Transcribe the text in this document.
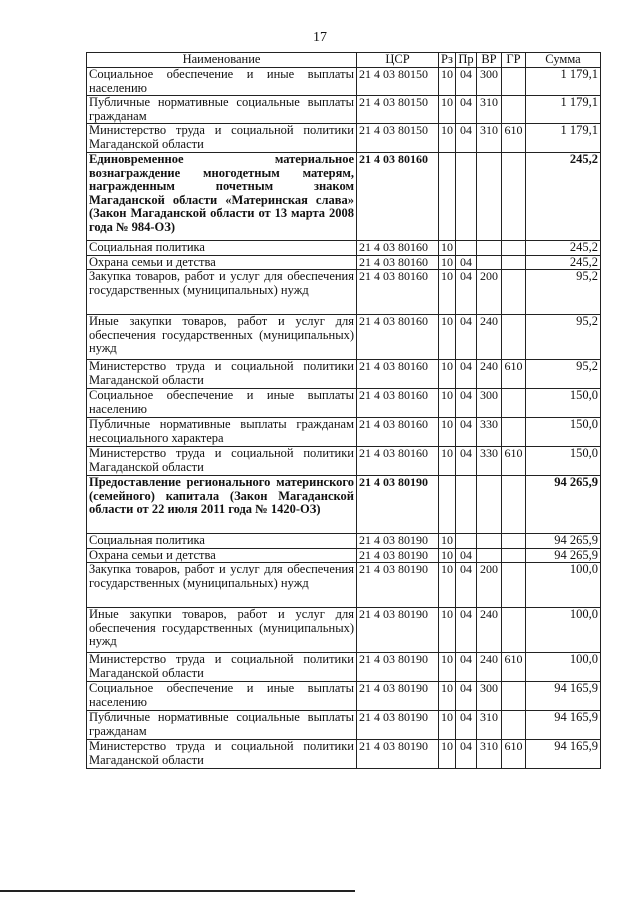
17
Наименование	ЦСР	Рз	Пр	ВР	ГР	Сумма
Социальное обеспечение и иные выплаты населению	21 4 03 80150	10	04	300		1 179,1
Публичные нормативные социальные выплаты гражданам	21 4 03 80150	10	04	310		1 179,1
Министерство труда и социальной политики Магаданской области	21 4 03 80150	10	04	310	610	1 179,1
Единовременное материальное вознаграждение многодетным матерям, награжденным почетным знаком Магаданской области «Материнская слава» (Закон Магаданской области от 13 марта 2008 года № 984-ОЗ)	21 4 03 80160					245,2
Социальная политика	21 4 03 80160	10				245,2
Охрана семьи и детства	21 4 03 80160	10	04			245,2
Закупка товаров, работ и услуг для обеспечения государственных (муниципальных) нужд	21 4 03 80160	10	04	200		95,2
Иные закупки товаров, работ и услуг для обеспечения государственных (муниципальных) нужд	21 4 03 80160	10	04	240		95,2
Министерство труда и социальной политики Магаданской области	21 4 03 80160	10	04	240	610	95,2
Социальное обеспечение и иные выплаты населению	21 4 03 80160	10	04	300		150,0
Публичные нормативные выплаты гражданам несоциального характера	21 4 03 80160	10	04	330		150,0
Министерство труда и социальной политики Магаданской области	21 4 03 80160	10	04	330	610	150,0
Предоставление регионального материнского (семейного) капитала (Закон Магаданской области от 22 июля 2011 года № 1420-ОЗ)	21 4 03 80190					94 265,9
Социальная политика	21 4 03 80190	10				94 265,9
Охрана семьи и детства	21 4 03 80190	10	04			94 265,9
Закупка товаров, работ и услуг для обеспечения государственных (муниципальных) нужд	21 4 03 80190	10	04	200		100,0
Иные закупки товаров, работ и услуг для обеспечения государственных (муниципальных) нужд	21 4 03 80190	10	04	240		100,0
Министерство труда и социальной политики Магаданской области	21 4 03 80190	10	04	240	610	100,0
Социальное обеспечение и иные выплаты населению	21 4 03 80190	10	04	300		94 165,9
Публичные нормативные социальные выплаты гражданам	21 4 03 80190	10	04	310		94 165,9
Министерство труда и социальной политики Магаданской области	21 4 03 80190	10	04	310	610	94 165,9
